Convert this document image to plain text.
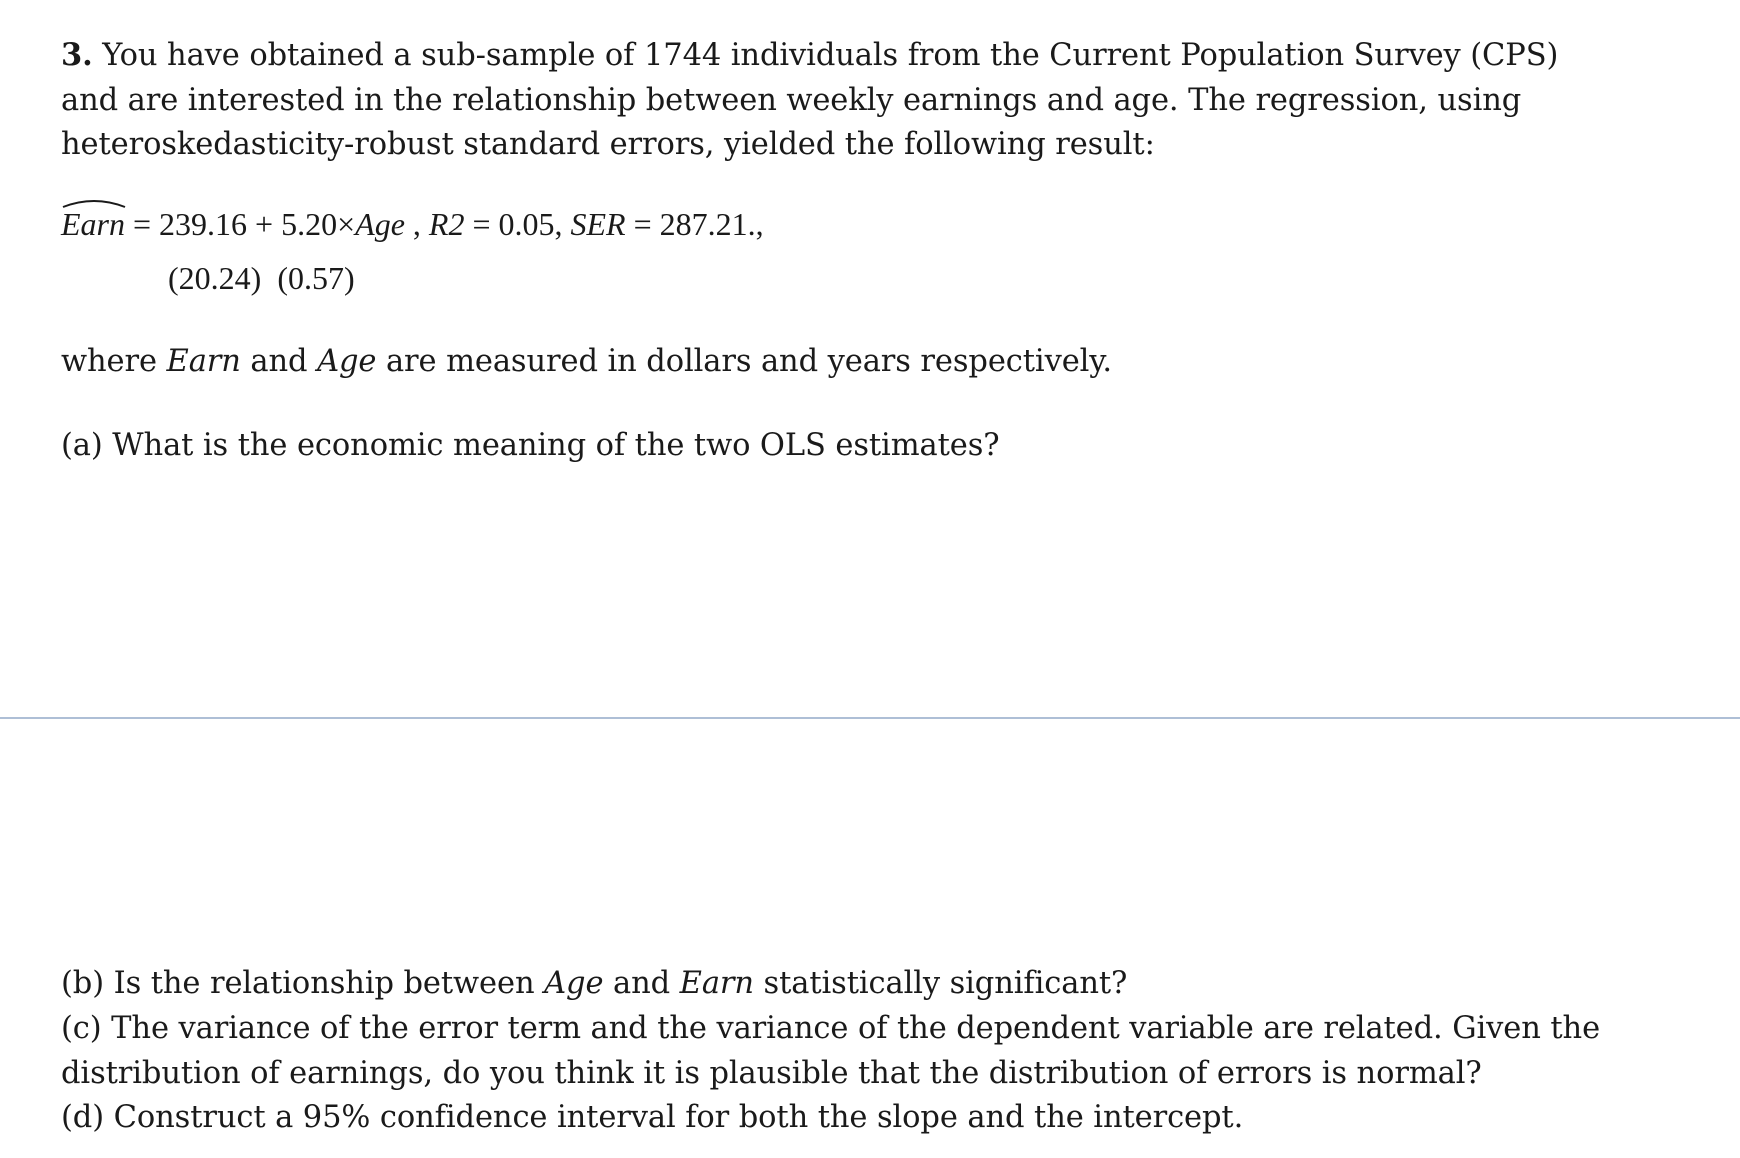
3. You have obtained a sub-sample of 1744 individuals from the Current Population Survey (CPS) and are interested in the relationship between weekly earnings and age. The regression, using heteroskedasticity-robust standard errors, yielded the following result:
Earn = 239.16 + 5.20×Age , R2 = 0.05, SER = 287.21.,
(20.24) (0.57)
where Earn and Age are measured in dollars and years respectively.
(a) What is the economic meaning of the two OLS estimates?
(b) Is the relationship between Age and Earn statistically significant?
(c) The variance of the error term and the variance of the dependent variable are related. Given the distribution of earnings, do you think it is plausible that the distribution of errors is normal?
(d) Construct a 95% confidence interval for both the slope and the intercept.
